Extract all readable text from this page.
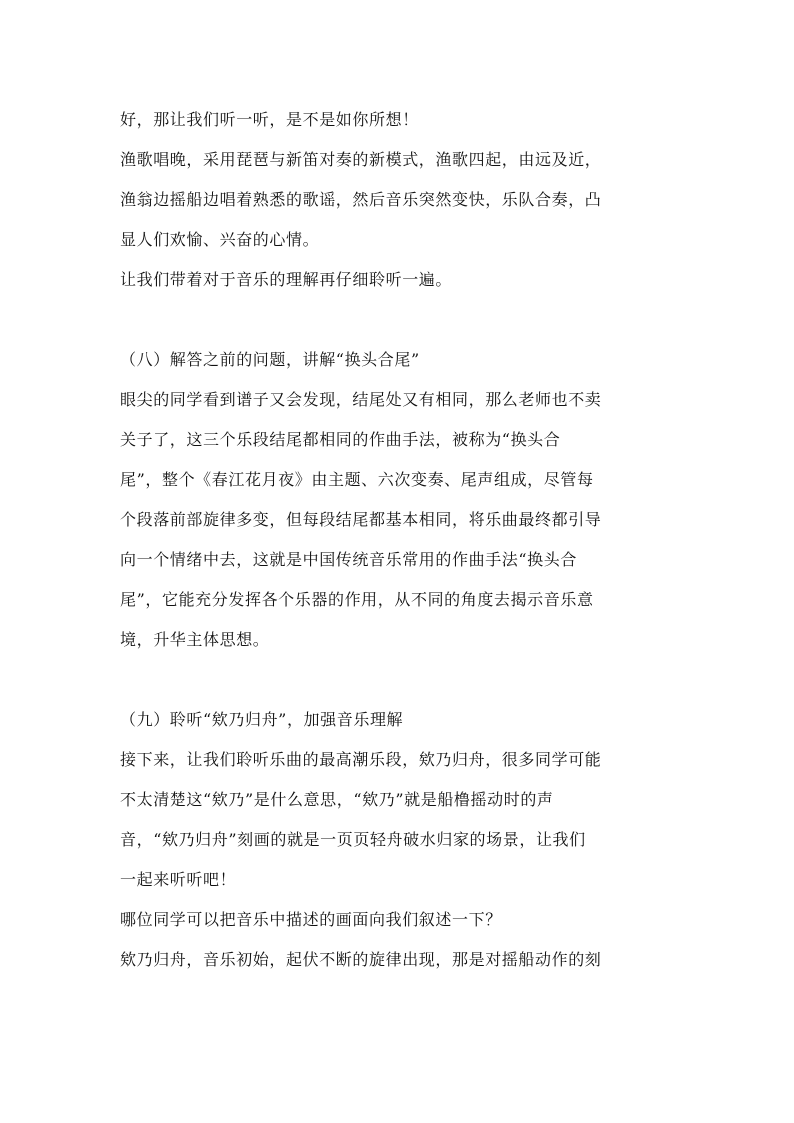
好，那让我们听一听，是不是如你所想！
渔歌唱晚，采用琵琶与新笛对奏的新模式，渔歌四起，由远及近，
渔翁边摇船边唱着熟悉的歌谣，然后音乐突然变快，乐队合奏，凸
显人们欢愉、兴奋的心情。
让我们带着对于音乐的理解再仔细聆听一遍。
（八）解答之前的问题，讲解“换头合尾”
眼尖的同学看到谱子又会发现，结尾处又有相同，那么老师也不卖
关子了，这三个乐段结尾都相同的作曲手法，被称为“换头合
尾”，整个《春江花月夜》由主题、六次变奏、尾声组成，尽管每
个段落前部旋律多变，但每段结尾都基本相同，将乐曲最终都引导
向一个情绪中去，这就是中国传统音乐常用的作曲手法“换头合
尾”，它能充分发挥各个乐器的作用，从不同的角度去揭示音乐意
境，升华主体思想。
（九）聆听“欸乃归舟”，加强音乐理解
接下来，让我们聆听乐曲的最高潮乐段，欸乃归舟，很多同学可能
不太清楚这“欸乃”是什么意思，“欸乃”就是船橹摇动时的声
音，“欸乃归舟”刻画的就是一页页轻舟破水归家的场景，让我们
一起来听听吧！
哪位同学可以把音乐中描述的画面向我们叙述一下？
欸乃归舟，音乐初始，起伏不断的旋律出现，那是对摇船动作的刻
